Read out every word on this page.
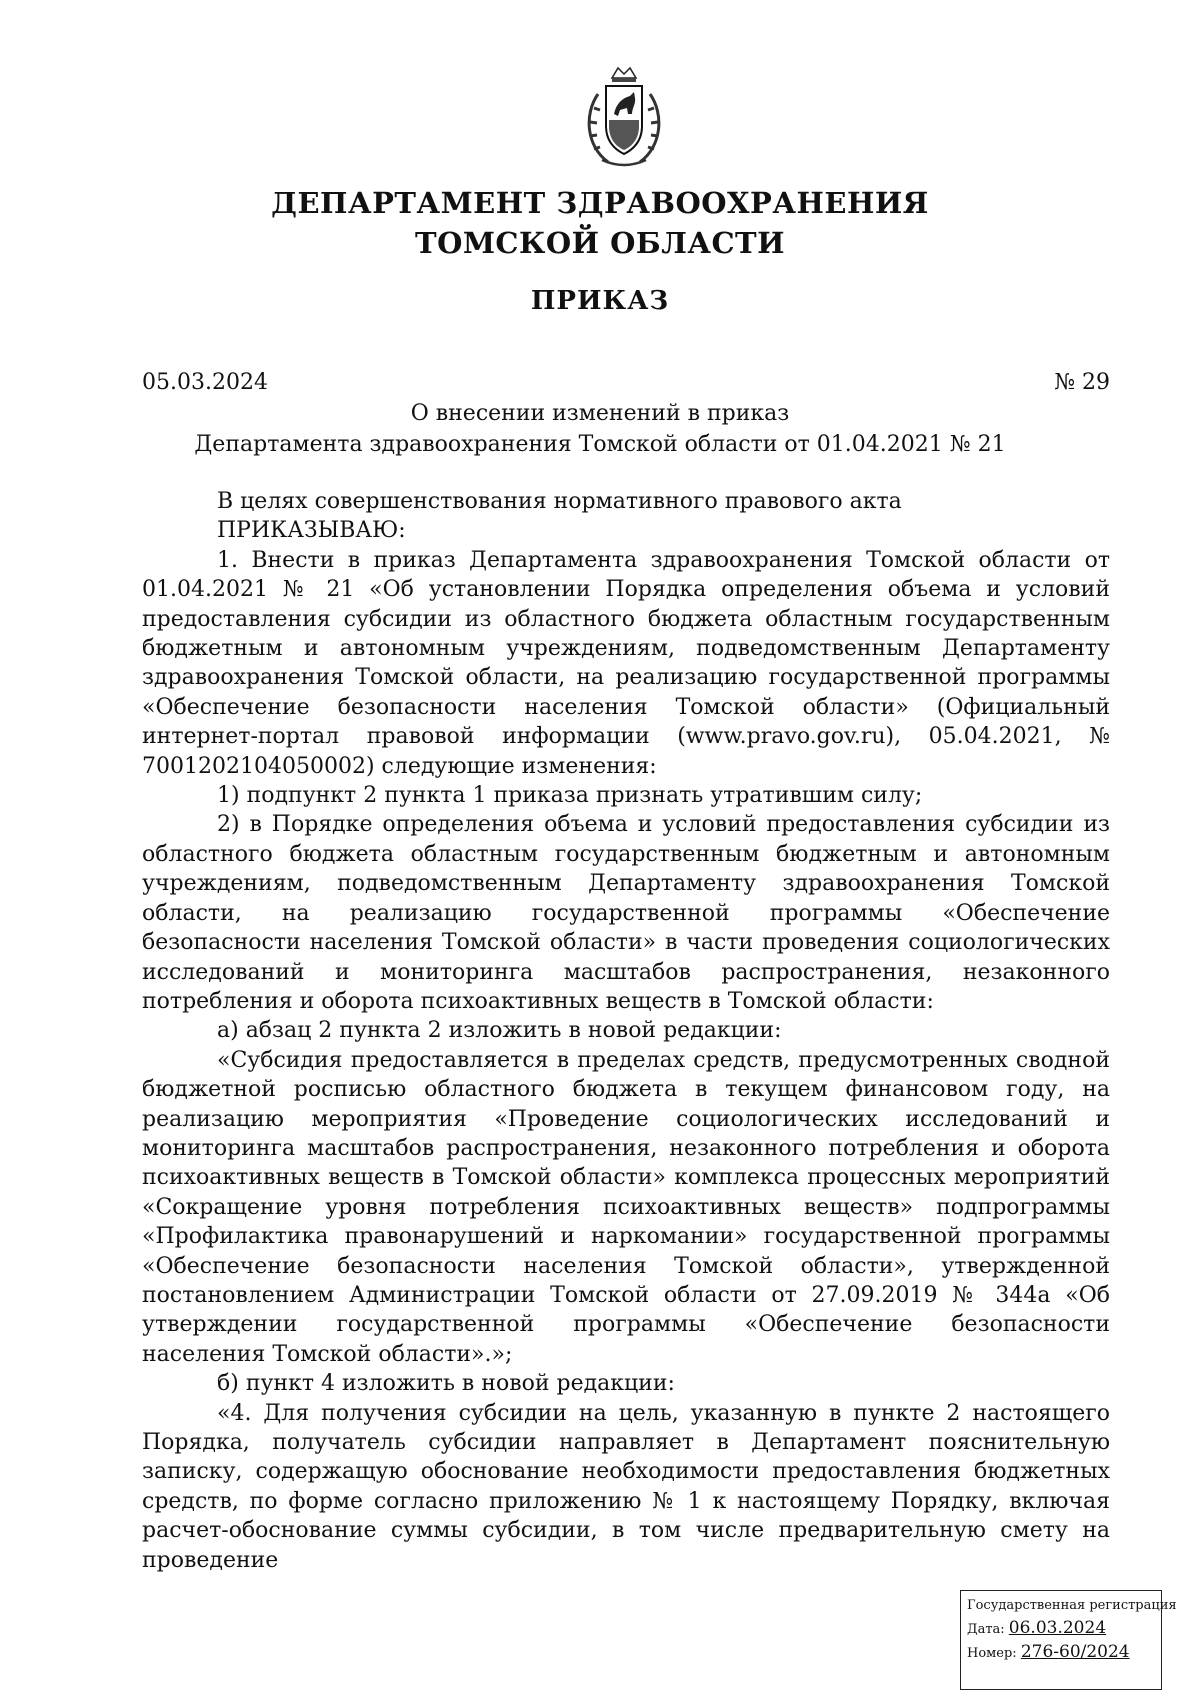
ДЕПАРТАМЕНТ ЗДРАВООХРАНЕНИЯ
ТОМСКОЙ ОБЛАСТИ
ПРИКАЗ
05.03.2024	№ 29
О внесении изменений в приказ
Департамента здравоохранения Томской области от 01.04.2021 № 21

В целях совершенствования нормативного правового акта

ПРИКАЗЫВАЮ:

1. Внести в приказ Департамента здравоохранения Томской области от 01.04.2021 № 21 «Об установлении Порядка определения объема и условий предоставления субсидии из областного бюджета областным государственным бюджетным и автономным учреждениям, подведомственным Департаменту здравоохранения Томской области, на реализацию государственной программы «Обеспечение безопасности населения Томской области» (Официальный интернет-портал правовой информации (www.pravo.gov.ru), 05.04.2021, № 7001202104050002) следующие изменения:

1) подпункт 2 пункта 1 приказа признать утратившим силу;

2) в Порядке определения объема и условий предоставления субсидии из областного бюджета областным государственным бюджетным и автономным учреждениям, подведомственным Департаменту здравоохранения Томской области, на реализацию государственной программы «Обеспечение безопасности населения Томской области» в части проведения социологических исследований и мониторинга масштабов распространения, незаконного потребления и оборота психоактивных веществ в Томской области:

а) абзац 2 пункта 2 изложить в новой редакции:

«Субсидия предоставляется в пределах средств, предусмотренных сводной бюджетной росписью областного бюджета в текущем финансовом году, на реализацию мероприятия «Проведение социологических исследований и мониторинга масштабов распространения, незаконного потребления и оборота психоактивных веществ в Томской области» комплекса процессных мероприятий «Сокращение уровня потребления психоактивных веществ» подпрограммы «Профилактика правонарушений и наркомании» государственной программы «Обеспечение безопасности населения Томской области», утвержденной постановлением Администрации Томской области от 27.09.2019 № 344а «Об утверждении государственной программы «Обеспечение безопасности населения Томской области».»;

б) пункт 4 изложить в новой редакции:

«4. Для получения субсидии на цель, указанную в пункте 2 настоящего Порядка, получатель субсидии направляет в Департамент пояснительную записку, содержащую обоснование необходимости предоставления бюджетных средств, по форме согласно приложению № 1 к настоящему Порядку, включая расчет-обоснование суммы субсидии, в том числе предварительную смету на проведение

Государственная регистрация
Дата: 06.03.2024
Номер: 276-60/2024
